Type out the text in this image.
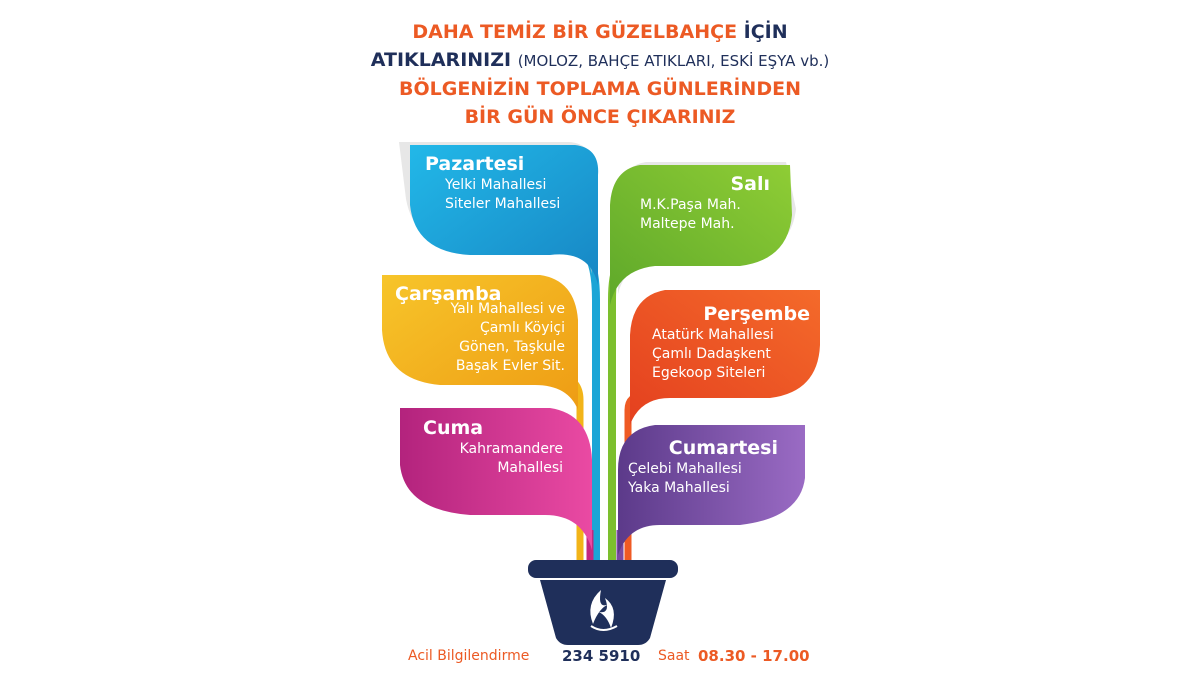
DAHA TEMİZ BİR GÜZELBAHÇE İÇİN
ATIKLARINIZI (MOLOZ, BAHÇE ATIKLARI, ESKİ EŞYA vb.)
BÖLGENİZİN TOPLAMA GÜNLERİNDEN
BİR GÜN ÖNCE ÇIKARINIZ
Pazartesi
Yelki Mahallesi
Siteler Mahallesi
Salı
M.K.Paşa Mah.
Maltepe Mah.
Çarşamba
Yalı Mahallesi ve
Çamlı Köyiçi
Gönen, Taşkule
Başak Evler Sit.
Perşembe
Atatürk Mahallesi
Çamlı Dadaşkent
Egekoop Siteleri
Cuma
Kahramandere
Mahallesi
Cumartesi
Çelebi Mahallesi
Yaka Mahallesi
Acil Bilgilendirme 234 5910 Saat 08.30 - 17.00
